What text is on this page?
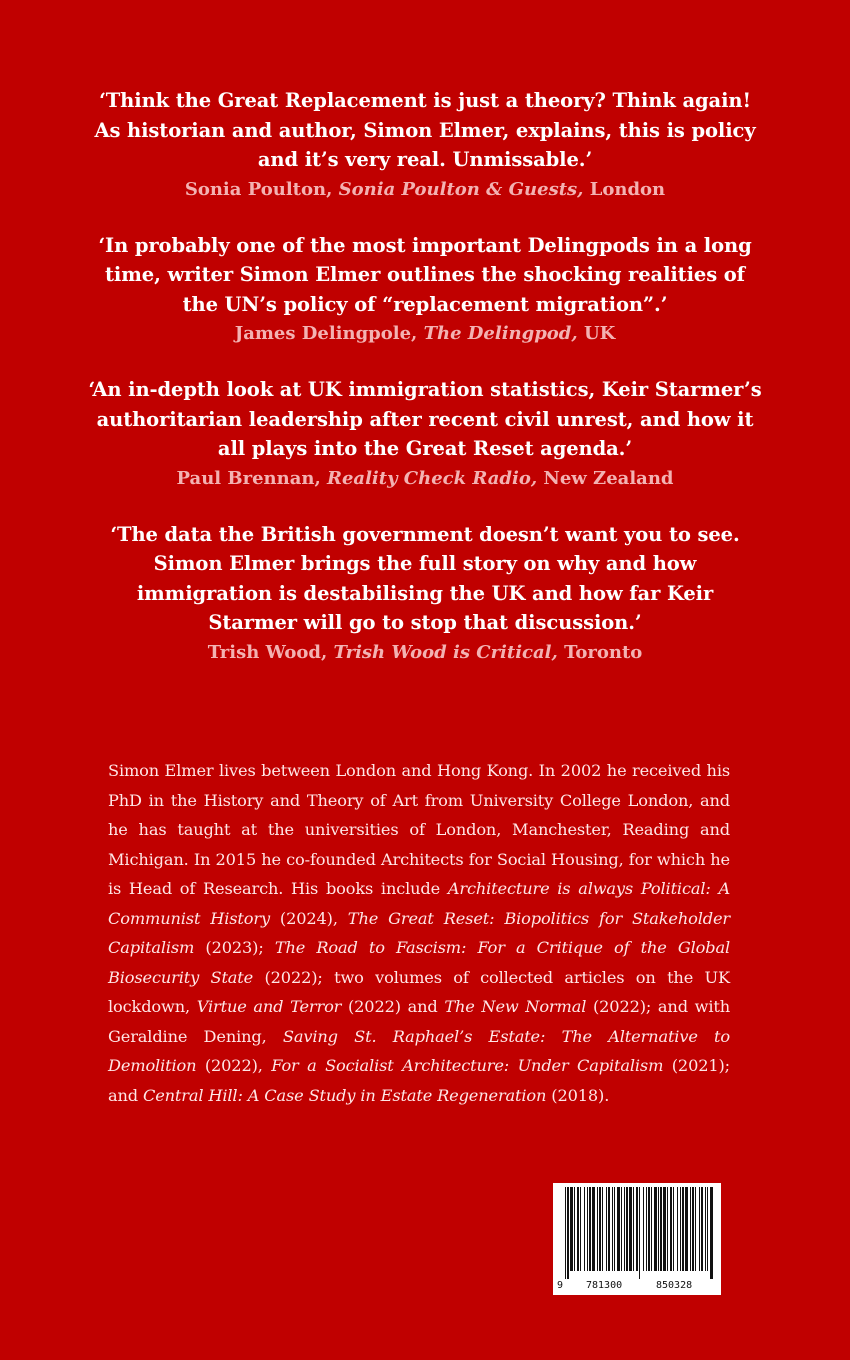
‘Think the Great Replacement is just a theory? Think again!

As historian and author, Simon Elmer, explains, this is policy

and it’s very real. Unmissable.’

Sonia Poulton, Sonia Poulton & Guests, London

‘In probably one of the most important Delingpods in a long

time, writer Simon Elmer outlines the shocking realities of

the UN’s policy of “replacement migration”.’

James Delingpole, The Delingpod, UK

‘An in-depth look at UK immigration statistics, Keir Starmer’s

authoritarian leadership after recent civil unrest, and how it

all plays into the Great Reset agenda.’

Paul Brennan, Reality Check Radio, New Zealand

‘The data the British government doesn’t want you to see.

Simon Elmer brings the full story on why and how

immigration is destabilising the UK and how far Keir

Starmer will go to stop that discussion.’

Trish Wood, Trish Wood is Critical, Toronto

Simon Elmer lives between London and Hong Kong. In 2002 he received his PhD in the History and Theory of Art from University College London, and he has taught at the universities of London, Manchester, Reading and Michigan. In 2015 he co-founded Architects for Social Housing, for which he is Head of Research. His books include Architecture is always Political: A Communist History (2024), The Great Reset: Biopolitics for Stakeholder Capitalism (2023); The Road to Fascism: For a Critique of the Global Biosecurity State (2022); two volumes of collected articles on the UK lockdown, Virtue and Terror (2022) and The New Normal (2022); and with Geraldine Dening, Saving St. Raphael’s Estate: The Alternative to Demolition (2022), For a Socialist Architecture: Under Capitalism (2021); and Central Hill: A Case Study in Estate Regeneration (2018).

9 781300	850328
